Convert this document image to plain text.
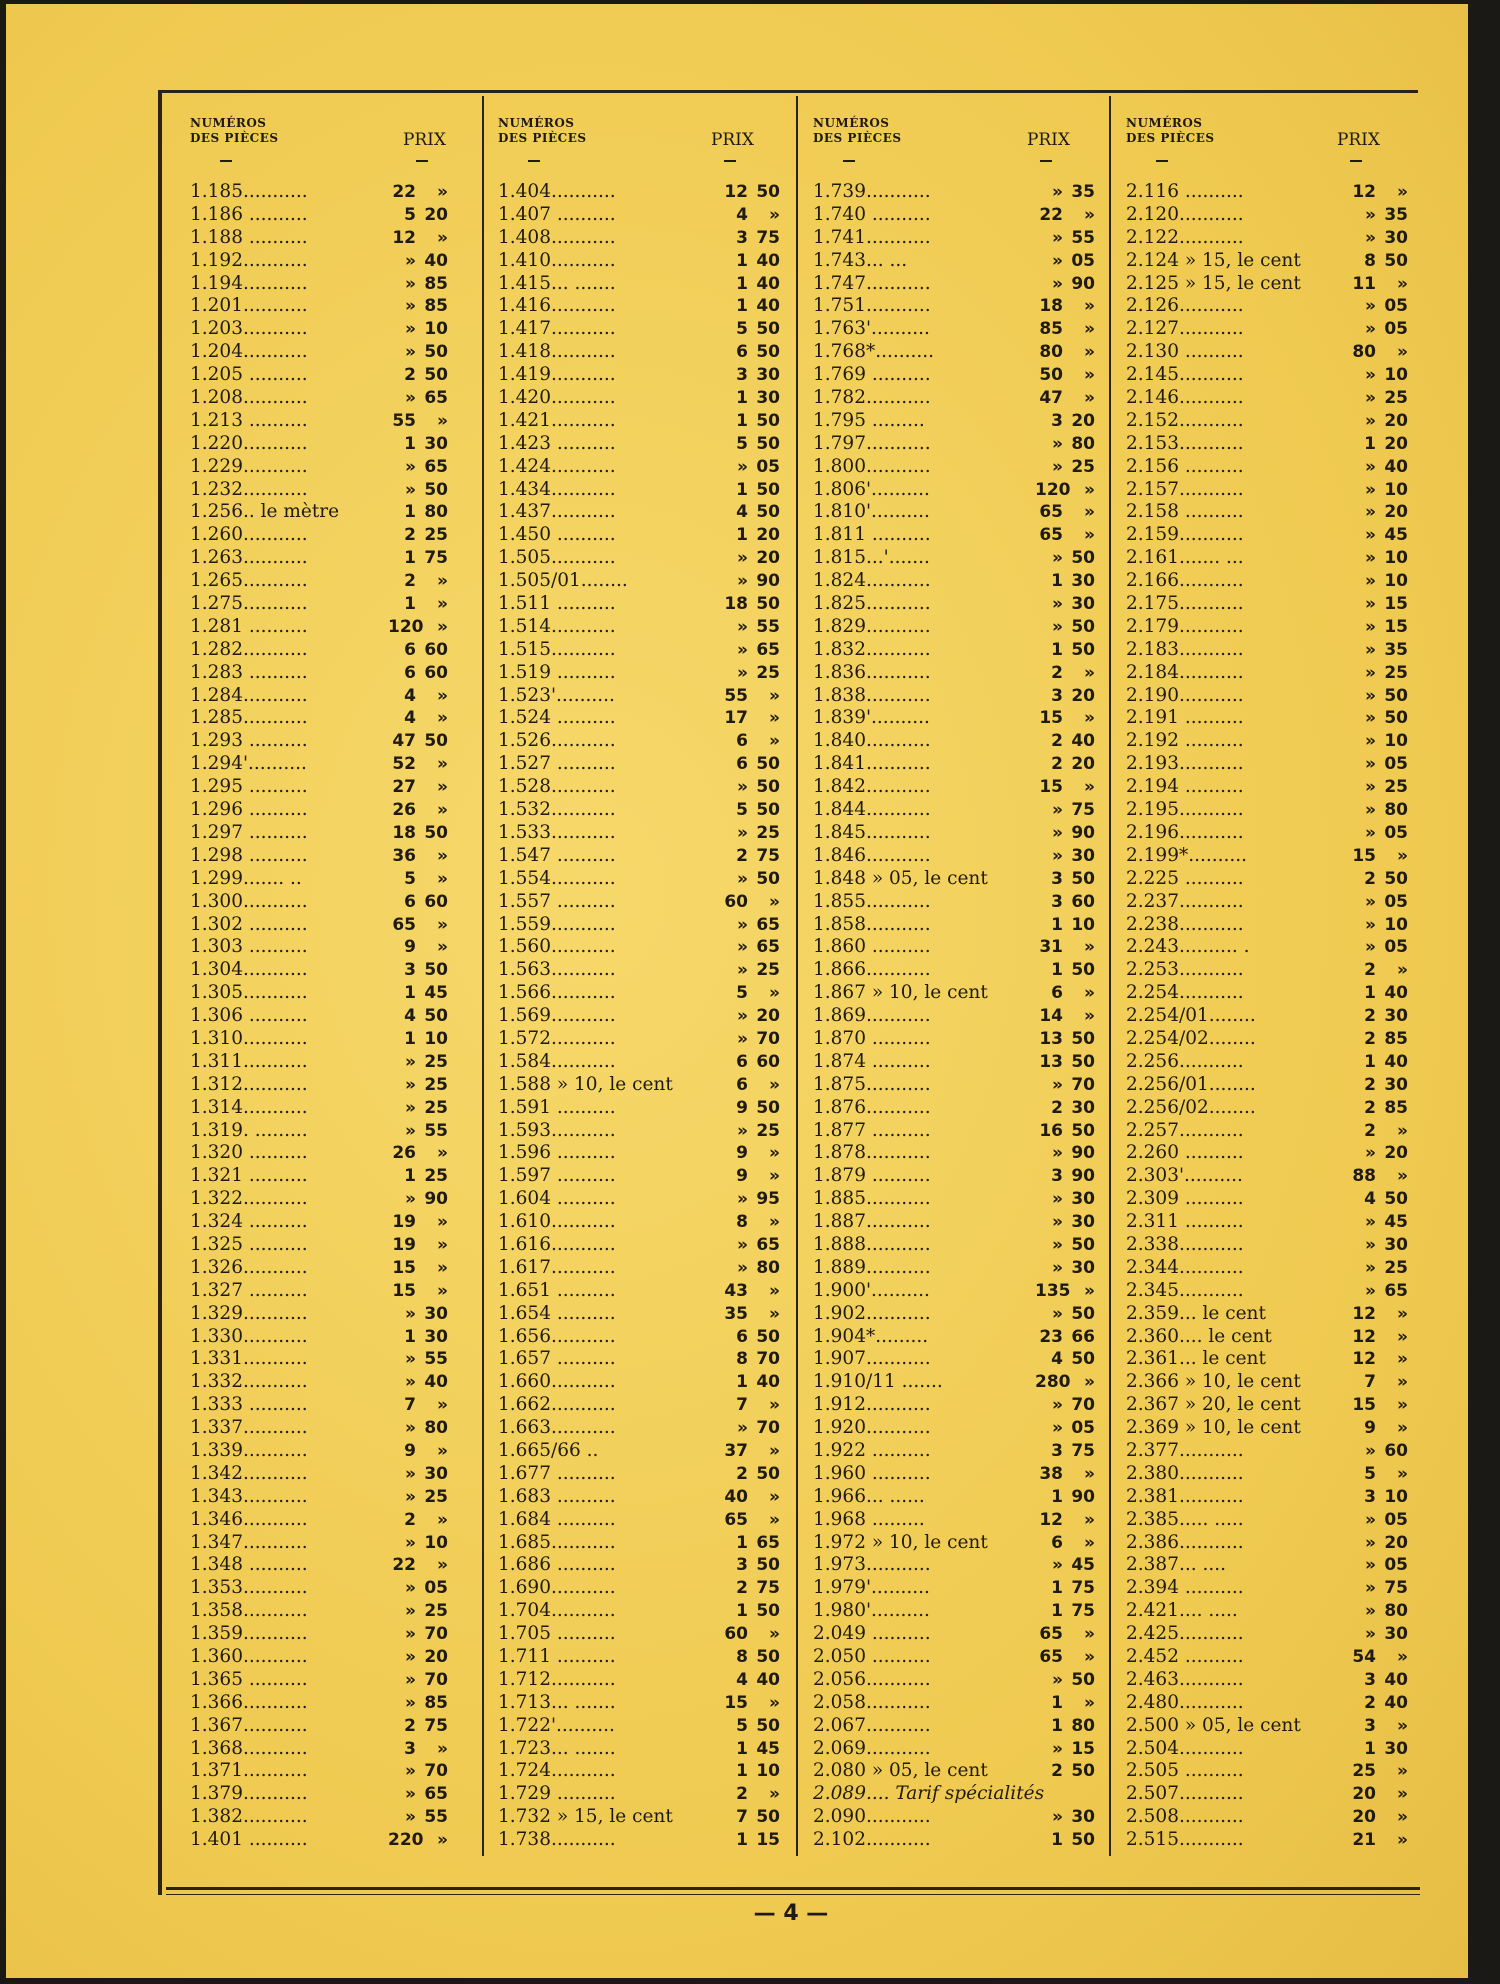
NUMÉROS
DES PIÈCES	PRIX
1.185...........	22 »
1.186 ..........	5 20
1.188 ..........	12 »
1.192...........	» 40
1.194...........	» 85
1.201...........	» 85
1.203...........	» 10
1.204...........	» 50
1.205 ..........	2 50
1.208...........	» 65
1.213 ..........	55 »
1.220...........	1 30
1.229...........	» 65
1.232...........	» 50
1.256.. le mètre	1 80
1.260...........	2 25
1.263...........	1 75
1.265...........	2 »
1.275...........	1 »
1.281 ..........	120 »
1.282...........	6 60
1.283 ..........	6 60
1.284...........	4 »
1.285...........	4 »
1.293 ..........	47 50
1.294'..........	52 »
1.295 ..........	27 »
1.296 ..........	26 »
1.297 ..........	18 50
1.298 ..........	36 »
1.299....... ..	5 »
1.300...........	6 60
1.302 ..........	65 »
1.303 ..........	9 »
1.304...........	3 50
1.305...........	1 45
1.306 ..........	4 50
1.310...........	1 10
1.311...........	» 25
1.312...........	» 25
1.314...........	» 25
1.319. .........	» 55
1.320 ..........	26 »
1.321 ..........	1 25
1.322...........	» 90
1.324 ..........	19 »
1.325 ..........	19 »
1.326...........	15 »
1.327 ..........	15 »
1.329...........	» 30
1.330...........	1 30
1.331...........	» 55
1.332...........	» 40
1.333 ..........	7 »
1.337...........	» 80
1.339...........	9 »
1.342...........	» 30
1.343...........	» 25
1.346...........	2 »
1.347...........	» 10
1.348 ..........	22 »
1.353...........	» 05
1.358...........	» 25
1.359...........	» 70
1.360...........	» 20
1.365 ..........	» 70
1.366...........	» 85
1.367...........	2 75
1.368...........	3 »
1.371...........	» 70
1.379...........	» 65
1.382...........	» 55
1.401 ..........	220 »
NUMÉROS
DES PIÈCES	PRIX
1.404...........	12 50
1.407 ..........	4 »
1.408...........	3 75
1.410...........	1 40
1.415... .......	1 40
1.416...........	1 40
1.417...........	5 50
1.418...........	6 50
1.419...........	3 30
1.420...........	1 30
1.421...........	1 50
1.423 ..........	5 50
1.424...........	» 05
1.434...........	1 50
1.437...........	4 50
1.450 ..........	1 20
1.505...........	» 20
1.505/01........	» 90
1.511 ..........	18 50
1.514...........	» 55
1.515...........	» 65
1.519 ..........	» 25
1.523'..........	55 »
1.524 ..........	17 »
1.526...........	6 »
1.527 ..........	6 50
1.528...........	» 50
1.532...........	5 50
1.533...........	» 25
1.547 ..........	2 75
1.554...........	» 50
1.557 ..........	60 »
1.559...........	» 65
1.560...........	» 65
1.563...........	» 25
1.566...........	5 »
1.569...........	» 20
1.572...........	» 70
1.584...........	6 60
1.588 » 10, le cent	6 »
1.591 ..........	9 50
1.593...........	» 25
1.596 ..........	9 »
1.597 ..........	9 »
1.604 ..........	» 95
1.610...........	8 »
1.616...........	» 65
1.617...........	» 80
1.651 ..........	43 »
1.654 ..........	35 »
1.656...........	6 50
1.657 ..........	8 70
1.660...........	1 40
1.662...........	7 »
1.663...........	» 70
1.665/66 ..	37 »
1.677 ..........	2 50
1.683 ..........	40 »
1.684 ..........	65 »
1.685...........	1 65
1.686 ..........	3 50
1.690...........	2 75
1.704...........	1 50
1.705 ..........	60 »
1.711 ..........	8 50
1.712...........	4 40
1.713... .......	15 »
1.722'..........	5 50
1.723... .......	1 45
1.724...........	1 10
1.729 ..........	2 »
1.732 » 15, le cent	7 50
1.738...........	1 15
NUMÉROS
DES PIÈCES	PRIX
1.739...........	» 35
1.740 ..........	22 »
1.741...........	» 55
1.743... ...	» 05
1.747...........	» 90
1.751...........	18 »
1.763'..........	85 »
1.768*..........	80 »
1.769 ..........	50 »
1.782...........	47 »
1.795 .........	3 20
1.797...........	» 80
1.800...........	» 25
1.806'..........	120 »
1.810'..........	65 »
1.811 ..........	65 »
1.815...'.......	» 50
1.824...........	1 30
1.825...........	» 30
1.829...........	» 50
1.832...........	1 50
1.836...........	2 »
1.838...........	3 20
1.839'..........	15 »
1.840...........	2 40
1.841...........	2 20
1.842...........	15 »
1.844...........	» 75
1.845...........	» 90
1.846...........	» 30
1.848 » 05, le cent	3 50
1.855...........	3 60
1.858...........	1 10
1.860 ..........	31 »
1.866...........	1 50
1.867 » 10, le cent	6 »
1.869...........	14 »
1.870 ..........	13 50
1.874 ..........	13 50
1.875...........	» 70
1.876...........	2 30
1.877 ..........	16 50
1.878...........	» 90
1.879 ..........	3 90
1.885...........	» 30
1.887...........	» 30
1.888...........	» 50
1.889...........	» 30
1.900'..........	135 »
1.902...........	» 50
1.904*.........	23 66
1.907...........	4 50
1.910/11 .......	280 »
1.912...........	» 70
1.920...........	» 05
1.922 ..........	3 75
1.960 ..........	38 »
1.966... ......	1 90
1.968 .........	12 »
1.972 » 10, le cent	6 »
1.973...........	» 45
1.979'..........	1 75
1.980'..........	1 75
2.049 ..........	65 »
2.050 ..........	65 »
2.056...........	» 50
2.058...........	1 »
2.067...........	1 80
2.069...........	» 15
2.080 » 05, le cent	2 50
2.089.... Tarif spécialités
2.090...........	» 30
2.102...........	1 50
NUMÉROS
DES PIÈCES	PRIX
2.116 ..........	12 »
2.120...........	» 35
2.122...........	» 30
2.124 » 15, le cent	8 50
2.125 » 15, le cent	11 »
2.126...........	» 05
2.127...........	» 05
2.130 ..........	80 »
2.145...........	» 10
2.146...........	» 25
2.152...........	» 20
2.153...........	1 20
2.156 ..........	» 40
2.157...........	» 10
2.158 ..........	» 20
2.159...........	» 45
2.161....... ...	» 10
2.166...........	» 10
2.175...........	» 15
2.179...........	» 15
2.183...........	» 35
2.184...........	» 25
2.190...........	» 50
2.191 ..........	» 50
2.192 ..........	» 10
2.193...........	» 05
2.194 ..........	» 25
2.195...........	» 80
2.196...........	» 05
2.199*..........	15 »
2.225 ..........	2 50
2.237...........	» 05
2.238...........	» 10
2.243.......... .	» 05
2.253...........	2 »
2.254...........	1 40
2.254/01........	2 30
2.254/02........	2 85
2.256...........	1 40
2.256/01........	2 30
2.256/02........	2 85
2.257...........	2 »
2.260 ..........	» 20
2.303'..........	88 »
2.309 ..........	4 50
2.311 ..........	» 45
2.338...........	» 30
2.344...........	» 25
2.345...........	» 65
2.359... le cent	12 »
2.360.... le cent	12 »
2.361... le cent	12 »
2.366 » 10, le cent	7 »
2.367 » 20, le cent	15 »
2.369 » 10, le cent	9 »
2.377...........	» 60
2.380...........	5 »
2.381...........	3 10
2.385..... .....	» 05
2.386...........	» 20
2.387... ....	» 05
2.394 ..........	» 75
2.421.... .....	» 80
2.425...........	» 30
2.452 ..........	54 »
2.463...........	3 40
2.480...........	2 40
2.500 » 05, le cent	3 »
2.504...........	1 30
2.505 ..........	25 »
2.507...........	20 »
2.508...........	20 »
2.515...........	21 »
— 4 —
